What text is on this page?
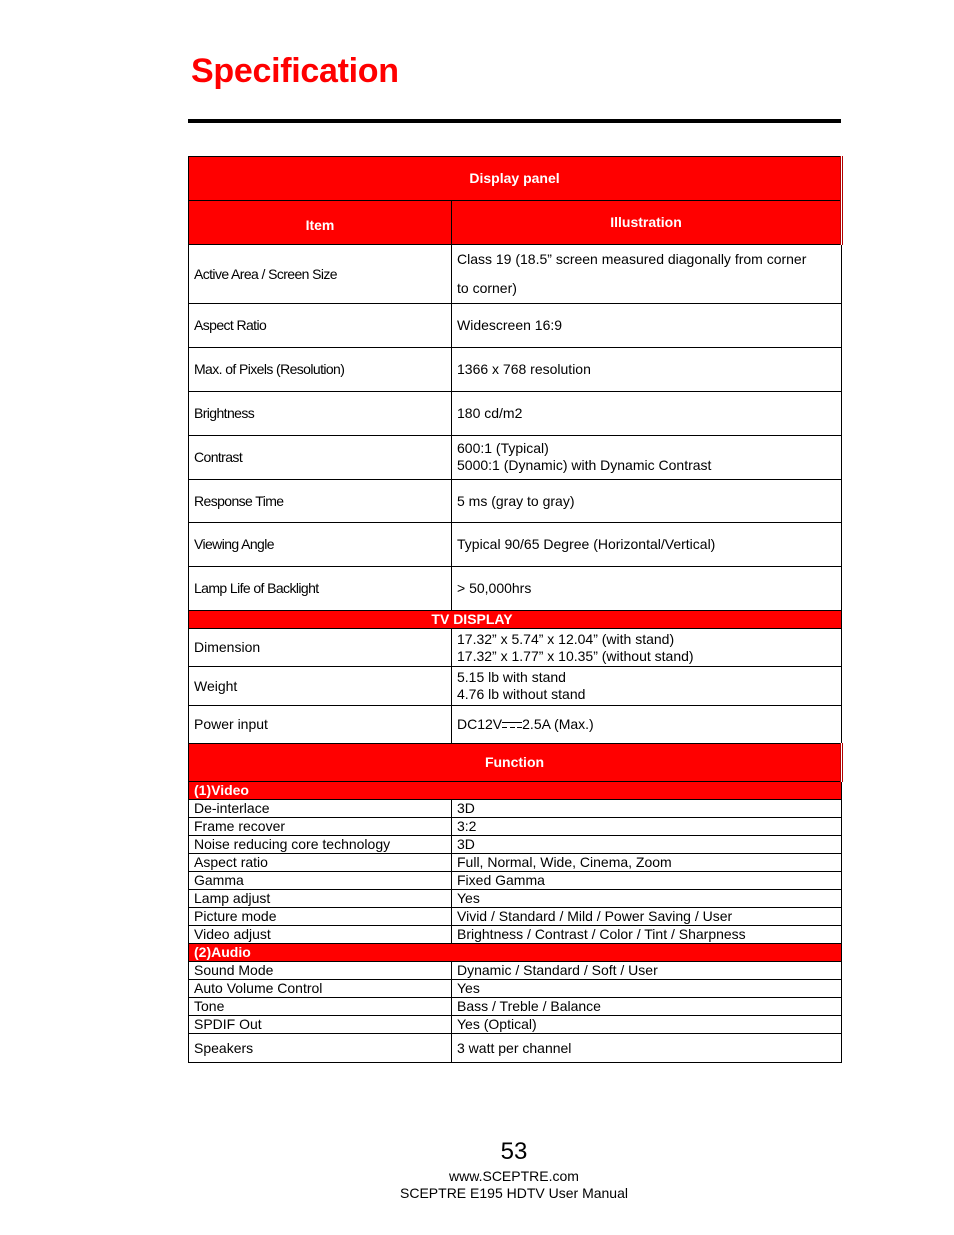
Specification
Display panel	
Item	Illustration
Active Area / Screen Size	Class 19 (18.5” screen measured diagonally from corner
to corner)

Aspect Ratio	Widescreen 16:9
Max. of Pixels (Resolution)	1366 x 768 resolution
Brightness	180 cd/m2
Contrast	600:1 (Typical)
5000:1 (Dynamic) with Dynamic Contrast

Response Time	5 ms (gray to gray)
Viewing Angle	Typical 90/65 Degree (Horizontal/Vertical)
Lamp Life of Backlight	> 50,000hrs
TV DISPLAY	
Dimension	17.32” x 5.74” x 12.04” (with stand)
17.32” x 1.77” x 10.35” (without stand)

Weight	5.15 lb with stand
4.76 lb without stand

Power input	DC12V 2.5A (Max.)
Function	
(1)Video	
De-interlace	3D
Frame recover	3:2
Noise reducing core technology	3D
Aspect ratio	Full, Normal, Wide, Cinema, Zoom
Gamma	Fixed Gamma
Lamp adjust	Yes
Picture mode	Vivid / Standard / Mild / Power Saving / User
Video adjust	Brightness / Contrast / Color / Tint / Sharpness
(2)Audio	
Sound Mode	Dynamic / Standard / Soft / User
Auto Volume Control	Yes
Tone	Bass / Treble / Balance
SPDIF Out	Yes (Optical)
Speakers	3 watt per channel
53
www.SCEPTRE.com
SCEPTRE E195 HDTV User Manual
